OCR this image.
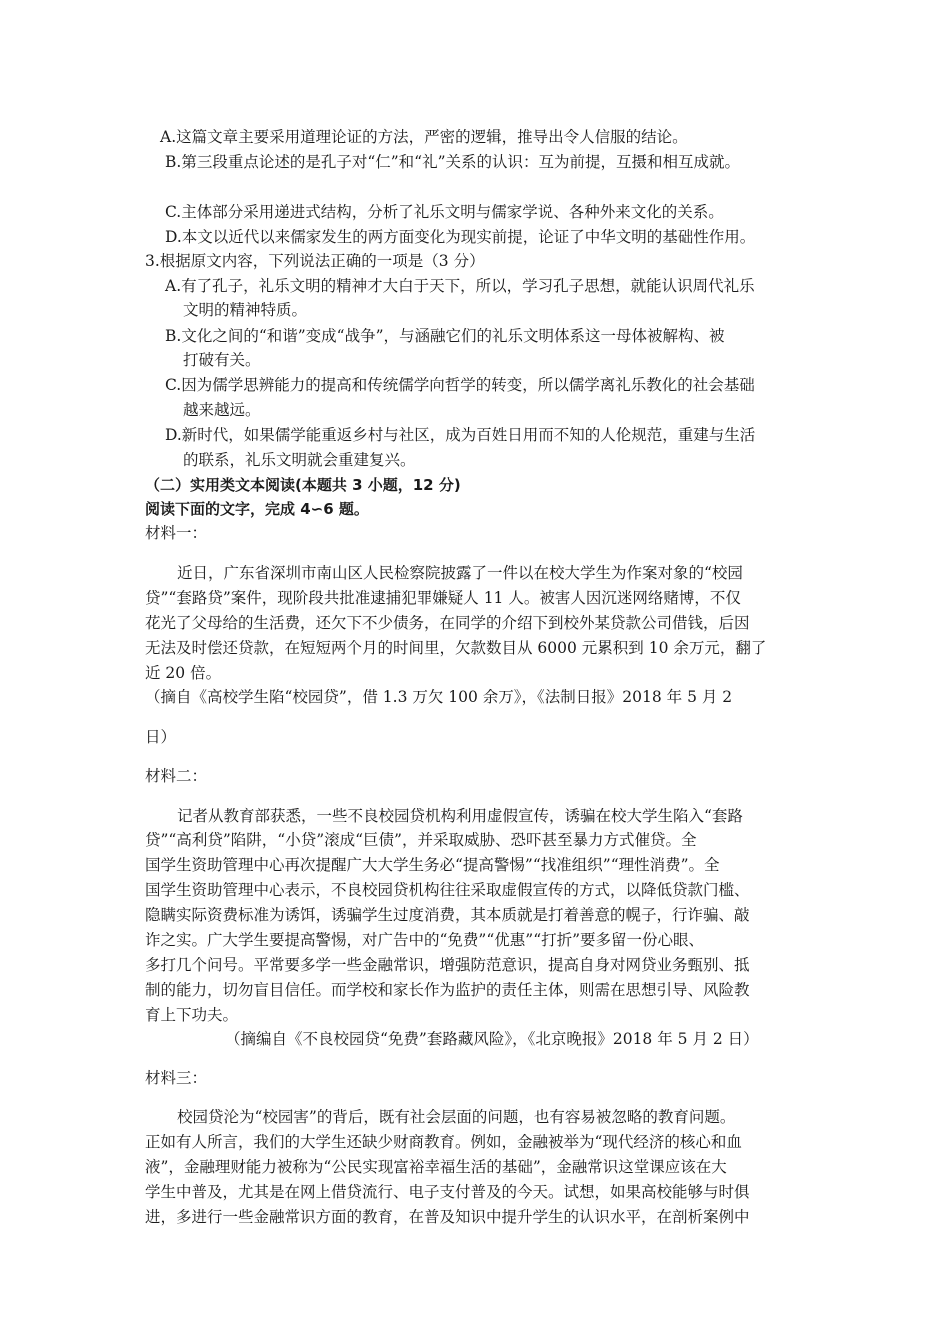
A.这篇文章主要采用道理论证的方法，严密的逻辑，推导出令人信服的结论。
B.第三段重点论述的是孔子对“仁”和“礼”关系的认识：互为前提，互摄和相互成就。
C.主体部分采用递进式结构，分析了礼乐文明与儒家学说、各种外来文化的关系。
D.本文以近代以来儒家发生的两方面变化为现实前提，论证了中华文明的基础性作用。
3.根据原文内容，下列说法正确的一项是（3 分）
A.有了孔子，礼乐文明的精神才大白于天下，所以，学习孔子思想，就能认识周代礼乐
文明的精神特质。
B.文化之间的“和谐”变成“战争”，与涵融它们的礼乐文明体系这一母体被解构、被
打破有关。
C.因为儒学思辨能力的提高和传统儒学向哲学的转变，所以儒学离礼乐教化的社会基础
越来越远。
D.新时代，如果儒学能重返乡村与社区，成为百姓日用而不知的人伦规范，重建与生活
的联系，礼乐文明就会重建复兴。
（二）实用类文本阅读(本题共 3 小题，12 分)
阅读下面的文字，完成 4∽6 题。
材料一：
近日，广东省深圳市南山区人民检察院披露了一件以在校大学生为作案对象的“校园
贷”“套路贷”案件，现阶段共批准逮捕犯罪嫌疑人 11 人。被害人因沉迷网络赌博，不仅
花光了父母给的生活费，还欠下不少债务，在同学的介绍下到校外某贷款公司借钱，后因
无法及时偿还贷款，在短短两个月的时间里，欠款数目从 6000 元累积到 10 余万元，翻了
近 20 倍。
（摘自《高校学生陷“校园贷”，借 1.3 万欠 100 余万》，《法制日报》2018 年 5 月 2
日）
材料二：
记者从教育部获悉，一些不良校园贷机构利用虚假宣传，诱骗在校大学生陷入“套路
贷”“高利贷”陷阱，“小贷”滚成“巨债”，并采取威胁、恐吓甚至暴力方式催贷。全
国学生资助管理中心再次提醒广大大学生务必“提高警惕”“找准组织”“理性消费”。全
国学生资助管理中心表示，不良校园贷机构往往采取虚假宣传的方式，以降低贷款门槛、
隐瞒实际资费标准为诱饵，诱骗学生过度消费，其本质就是打着善意的幌子，行诈骗、敲
诈之实。广大学生要提高警惕，对广告中的“免费”“优惠”“打折”要多留一份心眼、
多打几个问号。平常要多学一些金融常识，增强防范意识，提高自身对网贷业务甄别、抵
制的能力，切勿盲目信任。而学校和家长作为监护的责任主体，则需在思想引导、风险教
育上下功夫。
（摘编自《不良校园贷“免费”套路藏风险》，《北京晚报》2018 年 5 月 2 日）
材料三：
校园贷沦为“校园害”的背后，既有社会层面的问题，也有容易被忽略的教育问题。
正如有人所言，我们的大学生还缺少财商教育。例如，金融被举为“现代经济的核心和血
液”，金融理财能力被称为“公民实现富裕幸福生活的基础”，金融常识这堂课应该在大
学生中普及，尤其是在网上借贷流行、电子支付普及的今天。试想，如果高校能够与时俱
进，多进行一些金融常识方面的教育，在普及知识中提升学生的认识水平，在剖析案例中
